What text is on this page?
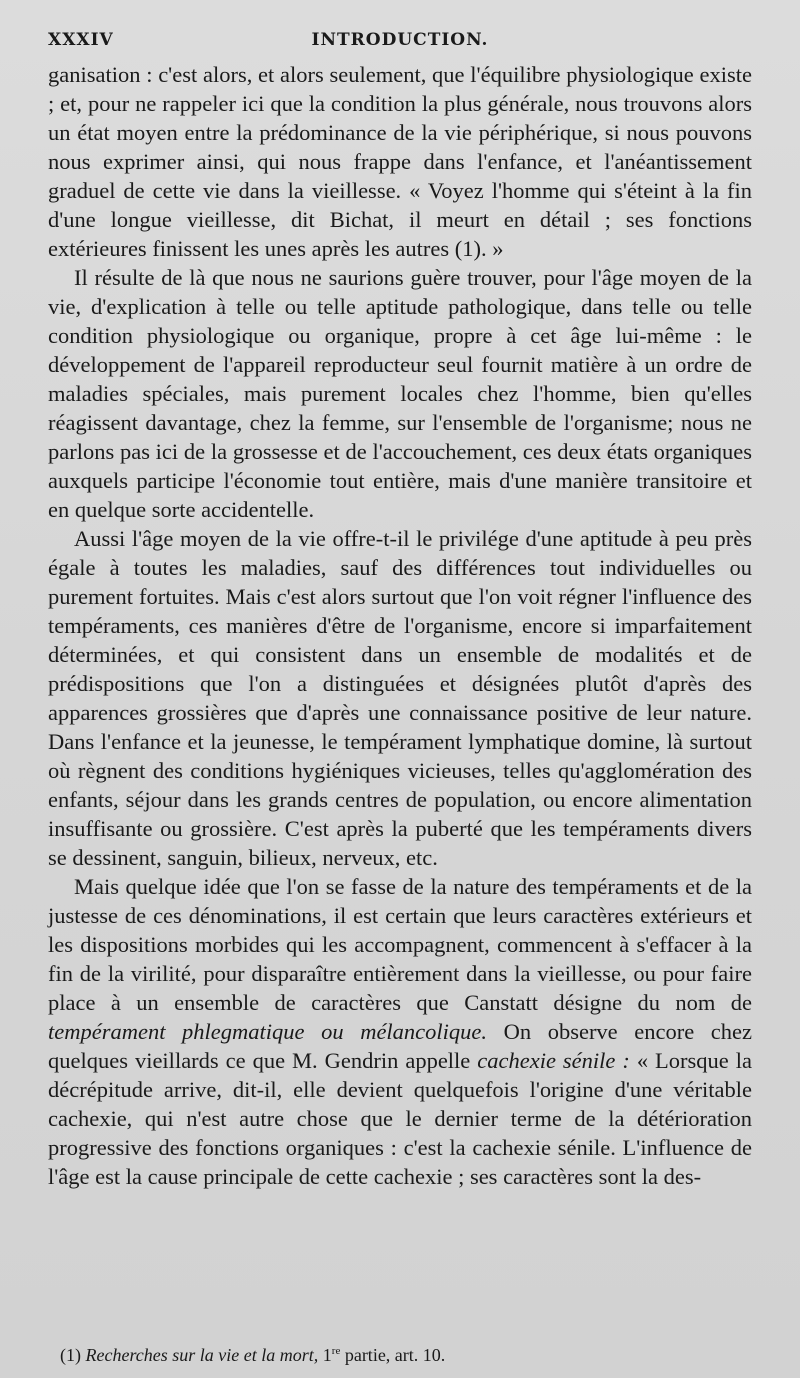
XXXIV	INTRODUCTION.

ganisation : c'est alors, et alors seulement, que l'équilibre physiologique existe ; et, pour ne rappeler ici que la condition la plus générale, nous trouvons alors un état moyen entre la prédominance de la vie périphérique, si nous pouvons nous exprimer ainsi, qui nous frappe dans l'enfance, et l'anéantissement graduel de cette vie dans la vieillesse. « Voyez l'homme qui s'éteint à la fin d'une longue vieillesse, dit Bichat, il meurt en détail ; ses fonctions extérieures finissent les unes après les autres (1). »

Il résulte de là que nous ne saurions guère trouver, pour l'âge moyen de la vie, d'explication à telle ou telle aptitude pathologique, dans telle ou telle condition physiologique ou organique, propre à cet âge lui-même : le développement de l'appareil reproducteur seul fournit matière à un ordre de maladies spéciales, mais purement locales chez l'homme, bien qu'elles réagissent davantage, chez la femme, sur l'ensemble de l'organisme; nous ne parlons pas ici de la grossesse et de l'accouchement, ces deux états organiques auxquels participe l'économie tout entière, mais d'une manière transitoire et en quelque sorte accidentelle.

Aussi l'âge moyen de la vie offre-t-il le privilége d'une aptitude à peu près égale à toutes les maladies, sauf des différences tout individuelles ou purement fortuites. Mais c'est alors surtout que l'on voit régner l'influence des tempéraments, ces manières d'être de l'organisme, encore si imparfaitement déterminées, et qui consistent dans un ensemble de modalités et de prédispositions que l'on a distinguées et désignées plutôt d'après des apparences grossières que d'après une connaissance positive de leur nature. Dans l'enfance et la jeunesse, le tempérament lymphatique domine, là surtout où règnent des conditions hygiéniques vicieuses, telles qu'agglomération des enfants, séjour dans les grands centres de population, ou encore alimentation insuffisante ou grossière. C'est après la puberté que les tempéraments divers se dessinent, sanguin, bilieux, nerveux, etc.

Mais quelque idée que l'on se fasse de la nature des tempéraments et de la justesse de ces dénominations, il est certain que leurs caractères extérieurs et les dispositions morbides qui les accompagnent, commencent à s'effacer à la fin de la virilité, pour disparaître entièrement dans la vieillesse, ou pour faire place à un ensemble de caractères que Canstatt désigne du nom de tempérament phlegmatique ou mélancolique. On observe encore chez quelques vieillards ce que M. Gendrin appelle cachexie sénile : « Lorsque la décrépitude arrive, dit-il, elle devient quelquefois l'origine d'une véritable cachexie, qui n'est autre chose que le dernier terme de la détérioration progressive des fonctions organiques : c'est la cachexie sénile. L'influence de l'âge est la cause principale de cette cachexie ; ses caractères sont la des-

(1) Recherches sur la vie et la mort, 1re partie, art. 10.
